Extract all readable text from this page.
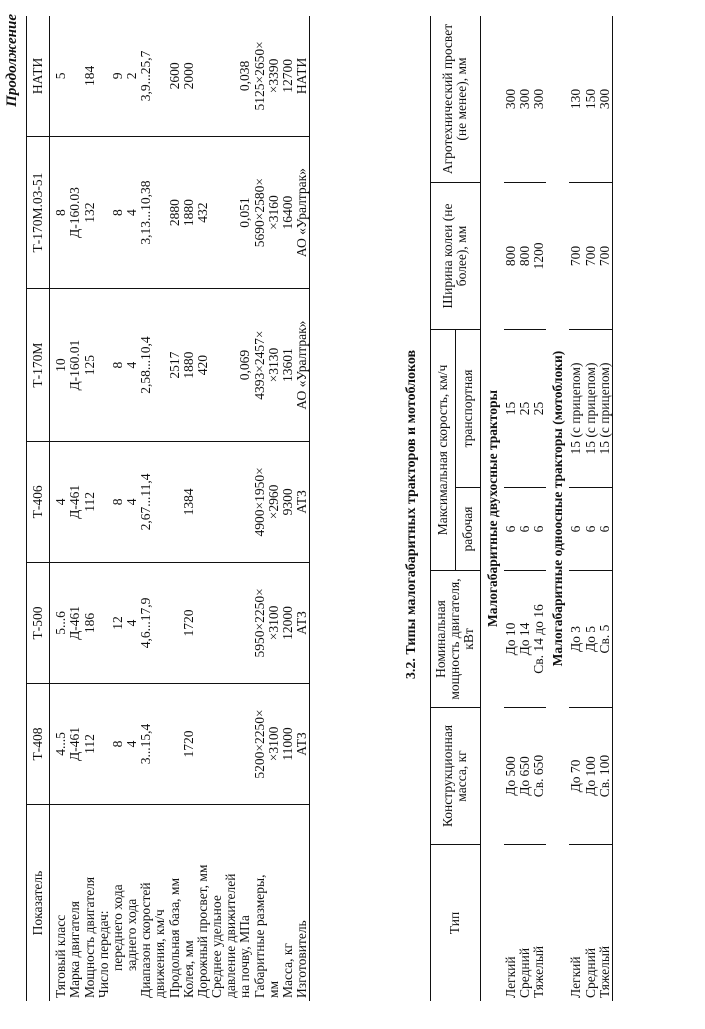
Продолжение
Показатель	Т-408	Т-500	Т-406	Т-170М	Т-170М.03-51	НАТИ
Тяговый класс	4...5	5...6	4	10	8	5
Марка двигателя	Д-461	Д-461	Д-461	Д-160.01	Д-160.03	
Мощность двигателя	112	186	112	125	132	184
Число передач:						
переднего хода	8	12	8	8	8	9
заднего хода	4	4	4	4	4	2
Диапазон скоростей	3...15,4	4,6...17,9	2,67...11,4	2,58...10,4	3,13...10,38	3,9...25,7
движения, км/ч						
Продольная база, мм				2517	2880	2600
Колея, мм	1720	1720	1384	1880	1880	2000
Дорожный просвет, мм				420	432	
Среднее удельное						
давление движителей						
на почву, МПа				0,069	0,051	0,038
Габаритные размеры,	5200×2250×	5950×2250×	4900×1950×	4393×2457×	5690×2580×	5125×2650×
мм	×3100	×3100	×2960	×3130	×3160	×3390
Масса, кг	11000	12000	9300	13601	16400	12700
Изготовитель	АТЗ	АТЗ	АТЗ	АО «Уралтрак»	АО «Уралтрак»	НАТИ
3.2. Типы малогабаритных тракторов и мотоблоков
Тип	Конструкционная масса, кг	Номинальная мощность двигателя, кВт	Максимальная скорость, км/ч		Ширина колеи (не более), мм	Агротехнический просвет (не менее), мм
			рабочая	транспортная		
Малогабаритные двухосные тракторы						
Легкий	До 500	До 10	6	15	800	300
Средний	До 650	До 14	6	25	800	300
Тяжелый	Св. 650	Св. 14 до 16	6	25	1200	300
Малогабаритные одноосные тракторы (мотоблоки)						
Легкий	До 70	До 3	6	15 (с прицепом)	700	130
Средний	До 100	До 5	6	15 (с прицепом)	700	150
Тяжелый	Св. 100	Св. 5	6	15 (с прицепом)	700	300
